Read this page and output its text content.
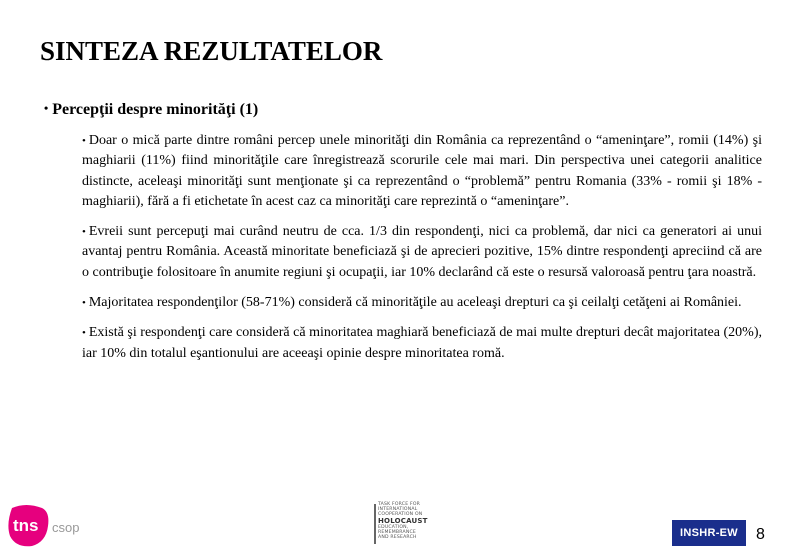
SINTEZA REZULTATELOR
• Percepţii despre minorităţi (1)

• Doar o mică parte dintre români percep unele minorităţi din România ca reprezentând o “ameninţare”, romii (14%) şi maghiarii (11%) fiind minorităţile care înregistrează scorurile cele mai mari. Din perspectiva unei categorii analitice distincte, aceleaşi minorităţi sunt menţionate şi ca reprezentând o “problemă” pentru Romania (33% - romii şi 18% - maghiarii), fără a fi etichetate în acest caz ca minorităţi care reprezintă o “ameninţare”.

• Evreii sunt percepuţi mai curând neutru de cca. 1/3 din respondenţi, nici ca problemă, dar nici ca generatori ai unui avantaj pentru România. Această minoritate beneficiază şi de aprecieri pozitive, 15% dintre respondenţi apreciind că are o contribuţie folositoare în anumite regiuni şi ocupaţii, iar 10% declarând că este o resursă valoroasă pentru ţara noastră.

• Majoritatea respondenţilor (58-71%) consideră că minorităţile au aceleaşi drepturi ca şi ceilalţi cetăţeni ai României.

• Există şi respondenţi care consideră că minoritatea maghiară beneficiază de mai multe drepturi decât majoritatea (20%), iar 10% din totalul eşantionului are aceeaşi opinie despre minoritatea romă.

tns csop
TASK FORCE FOR
INTERNATIONAL
COOPERATION ON
HOLOCAUST
EDUCATION,
REMEMBRANCE
AND RESEARCH	INSHR-EW	8
